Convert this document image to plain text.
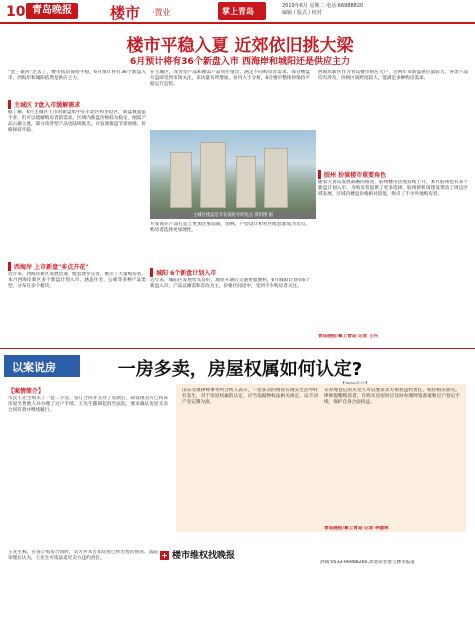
10 青岛晚报	楼市 ·置业	掌上青岛
2019年6月 星期二 电话:66988820
编辑 / 版式 / 校对
楼市平稳入夏 近郊依旧挑大梁
6月预计将有36个新盘入市 西海岸和城阳还是供应主力
“金三银四”过去了，楼市依旧保持平稳，6月预计将有36个新盘入市，西海岸和城阳依然是供应主力。
主城区 7盘入市缓解需求
据了解，6月主城区上市的新盘集中在市北区和李沧区，新盘数量虽不多，但可以缓解购房者的需求。区域内新盘价格较为稳定，刚需产品占据主流，部分改善型产品也陆续推出。开发商推盘节奏放缓，价格保持平稳。
西海岸 上市新盘"多点开花"
近年来，西海岸新区发展迅速，配套逐步完善，吸引了大量购房者。本月西海岸新区多个新盘计划入市，涵盖住宅、公寓等多种产品类型，分布在多个板块。
主城区楼盘是开发商抢夺的焦点 资料图 据
在主城区，改善型产品和刚需产品同步推出，满足不同购房者需求。部分楼盘开盘即受到市场关注，来访量有所增加。业内人士分析，6月楼市整体将保持平稳运行态势。
开发商在产品打造上更加注重品质，园林、户型设计和社区配套都成为卖点，购房者选择更加理性。
城阳 6个新盘计划入市
近年来，城阳区发展势头良好，地铁开通后交通更加便利，6月城阳计划有6个新盘入市，产品以刚需和首改为主，价格区间适中，受到不少购房者关注。
西海岸新区作为青岛楼市供应大户，近两年来新盘供应量较大，各类产品均有涉及，价格区间跨度较大，能满足多种购房需求。
胶州 扮演楼市重要角色
随着大青岛发展战略的推进，胶州楼市热度持续上升，本月胶州也有多个新盘计划入市，为购房者提供了更多选择。胶州新机场建设带动了周边区域发展，区域内楼盘价格相对较低，吸引了不少外地购房者。
青岛晚报/掌上青岛 记者 王兴
以案说房	一房多卖，房屋权属如何认定?
【案情简介】
市民王先生购买了一套二手房，签订合同并支付了房款后，却发现卖方已将该房屋另售他人并办理了过户手续。王先生随即起诉至法院，要求确认房屋买卖合同有效并继续履行。
山东文康律师事务所合伙人表示，一房多卖的情况在现实生活中时有发生，对于房屋权属的认定，应当依据物权法相关规定，以不动产登记簿为准。
未办理登记的买受人可以要求卖方承担违约责任，赔偿相应损失。律师提醒购房者，在购买房屋时应及时办理网签备案和过户登记手续，保护自身合法权益。
青岛晚报/掌上青岛 记者 李德林
+ 楼市维权找晚报
王先生称，在签订购房合同时，卖方并未告知房屋已经出售的情况。法院审理后认为，王先生可依法追究卖方违约责任。
热线:0532-66988260,欢迎读者参与楼市报道
